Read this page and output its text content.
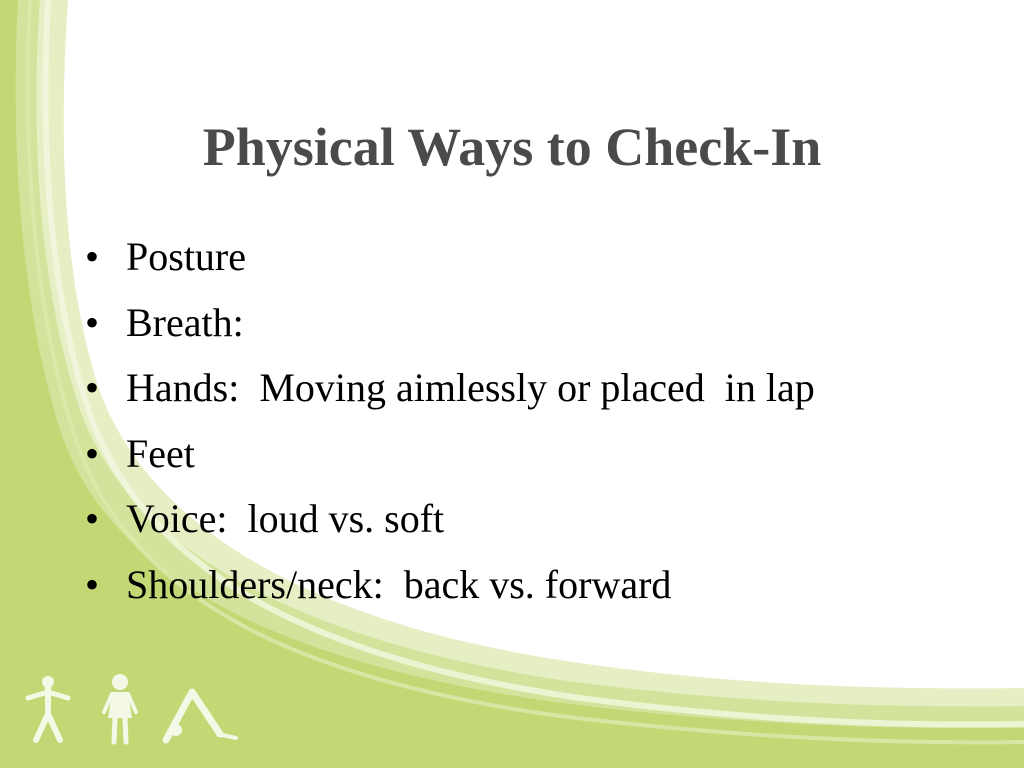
Physical Ways to Check-In
• Posture
• Breath:
• Hands:  Moving aimlessly or placed  in lap
• Feet
• Voice:  loud vs. soft
• Shoulders/neck:  back vs. forward
